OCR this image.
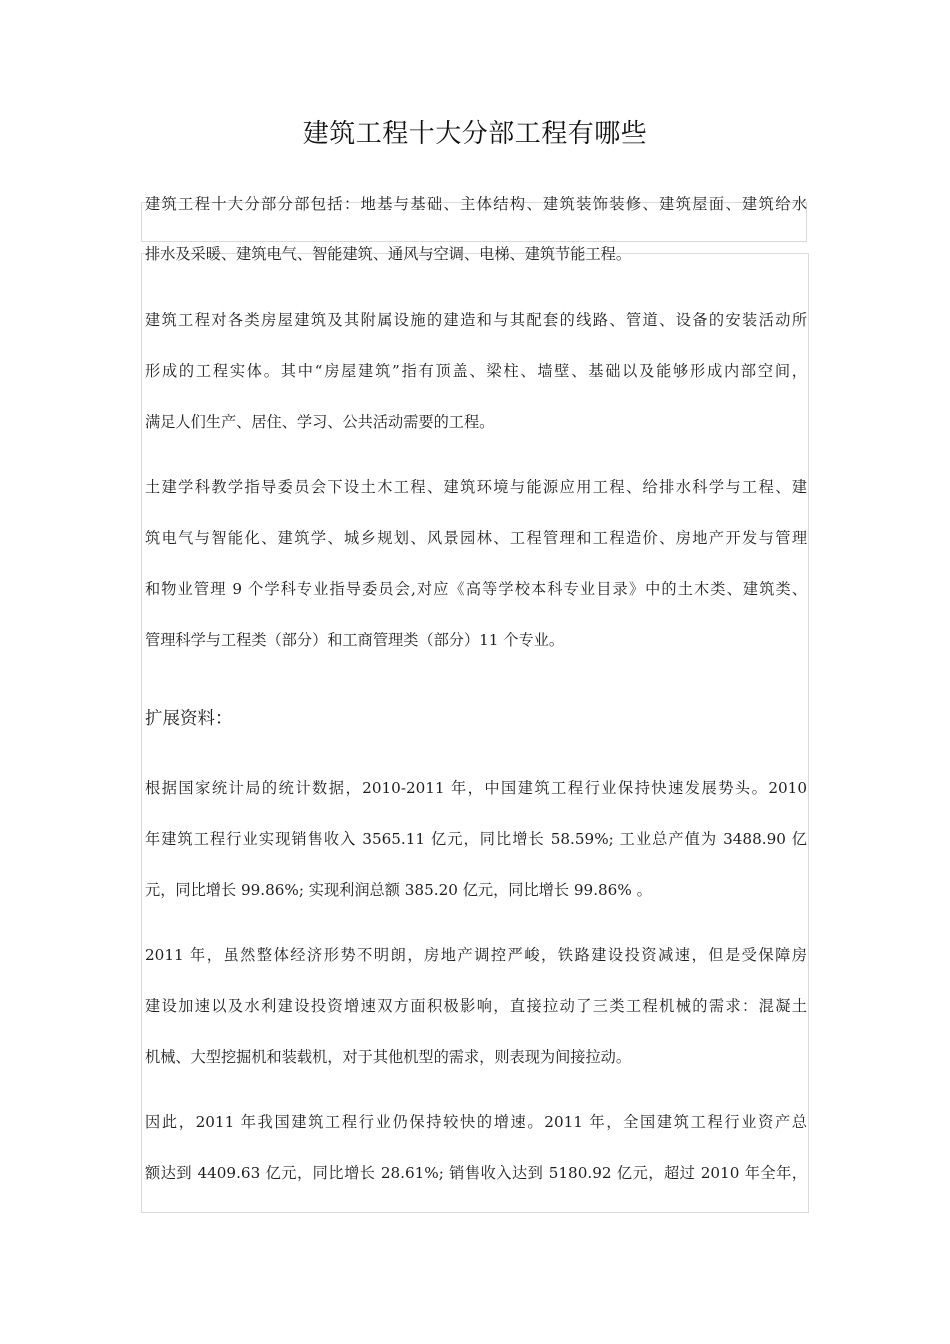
建筑工程十大分部工程有哪些
建筑工程十大分部分部包括：地基与基础、主体结构、建筑装饰装修、建筑屋面、建筑给水
排水及采暖、建筑电气、智能建筑、通风与空调、电梯、建筑节能工程。
建筑工程对各类房屋建筑及其附属设施的建造和与其配套的线路、管道、设备的安装活动所
形成的工程实体。其中“房屋建筑”指有顶盖、梁柱、墙壁、基础以及能够形成内部空间，
满足人们生产、居住、学习、公共活动需要的工程。
土建学科教学指导委员会下设土木工程、建筑环境与能源应用工程、给排水科学与工程、建
筑电气与智能化、建筑学、城乡规划、风景园林、工程管理和工程造价、房地产开发与管理
和物业管理 9 个学科专业指导委员会,对应《高等学校本科专业目录》中的土木类、建筑类、
管理科学与工程类（部分）和工商管理类（部分）11 个专业。
扩展资料：
根据国家统计局的统计数据，2010-2011 年，中国建筑工程行业保持快速发展势头。2010
年建筑工程行业实现销售收入 3565.11 亿元，同比增长 58.59%; 工业总产值为 3488.90 亿
元，同比增长 99.86%; 实现利润总额 385.20 亿元，同比增长 99.86% 。
2011 年，虽然整体经济形势不明朗，房地产调控严峻，铁路建设投资减速，但是受保障房
建设加速以及水利建设投资增速双方面积极影响，直接拉动了三类工程机械的需求：混凝土
机械、大型挖掘机和装载机，对于其他机型的需求，则表现为间接拉动。
因此，2011 年我国建筑工程行业仍保持较快的增速。2011 年，全国建筑工程行业资产总
额达到 4409.63 亿元，同比增长 28.61%; 销售收入达到 5180.92 亿元，超过 2010 年全年，
